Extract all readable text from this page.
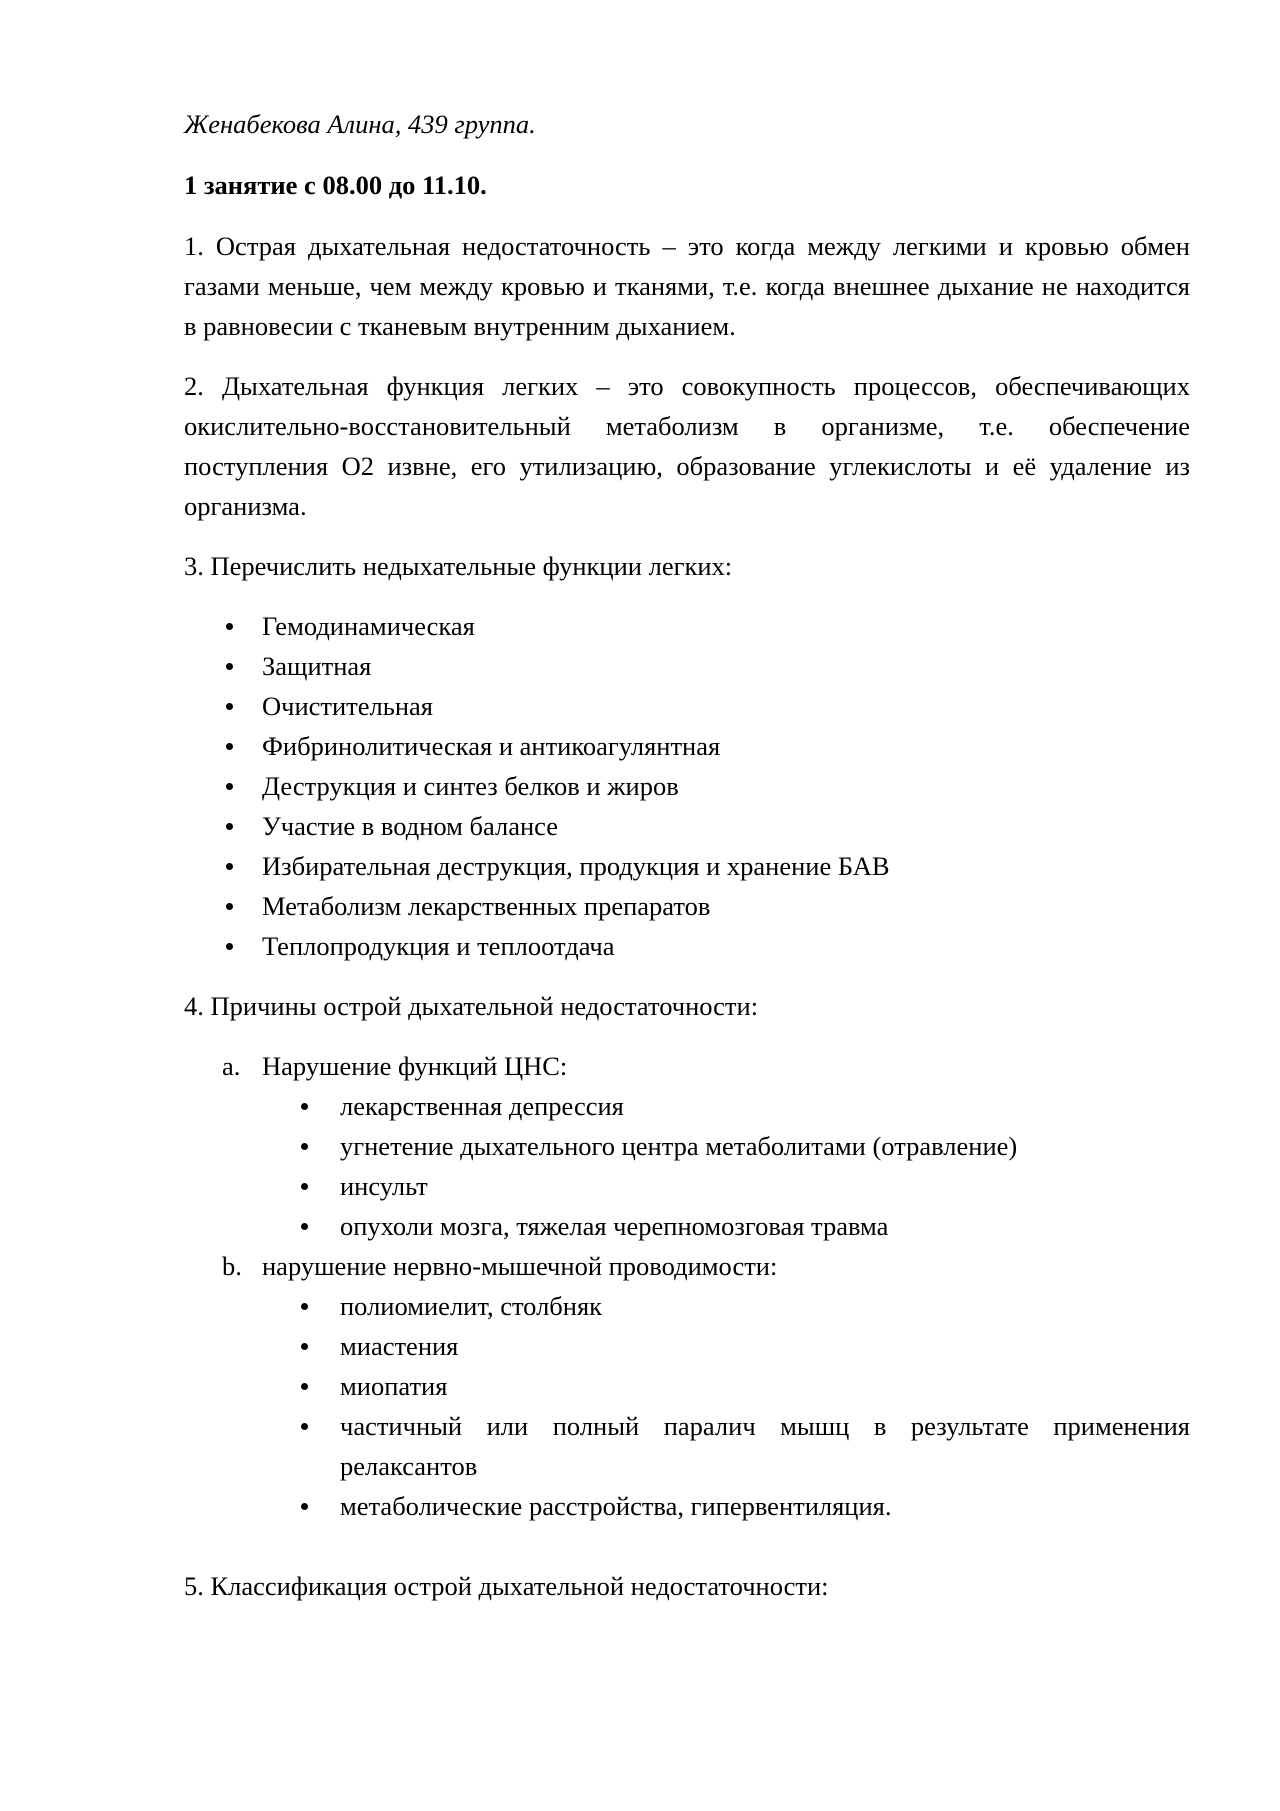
Женабекова Алина, 439 группа.

1 занятие с 08.00 до 11.10.

1. Острая дыхательная недостаточность – это когда между легкими и кровью обмен газами меньше, чем между кровью и тканями, т.е. когда внешнее дыхание не находится в равновесии с тканевым внутренним дыханием.

2. Дыхательная функция легких – это совокупность процессов, обеспечивающих окислительно-восстановительный метаболизм в организме, т.е. обеспечение поступления О2 извне, его утилизацию, образование углекислоты и её удаление из организма.

3. Перечислить недыхательные функции легких:

Гемодинамическая
Защитная
Очистительная
Фибринолитическая и антикоагулянтная
Деструкция и синтез белков и жиров
Участие в водном балансе
Избирательная деструкция, продукция и хранение БАВ
Метаболизм лекарственных препаратов
Теплопродукция и теплоотдача

4. Причины острой дыхательной недостаточности:

a. Нарушение функций ЦНС:
лекарственная депрессия
угнетение дыхательного центра метаболитами (отравление)
инсульт
опухоли мозга, тяжелая черепномозговая травма
b. нарушение нервно-мышечной проводимости:
полиомиелит, столбняк
миастения
миопатия
частичный или полный паралич мышц в результате применения релаксантов
метаболические расстройства, гипервентиляция.

5. Классификация острой дыхательной недостаточности:
